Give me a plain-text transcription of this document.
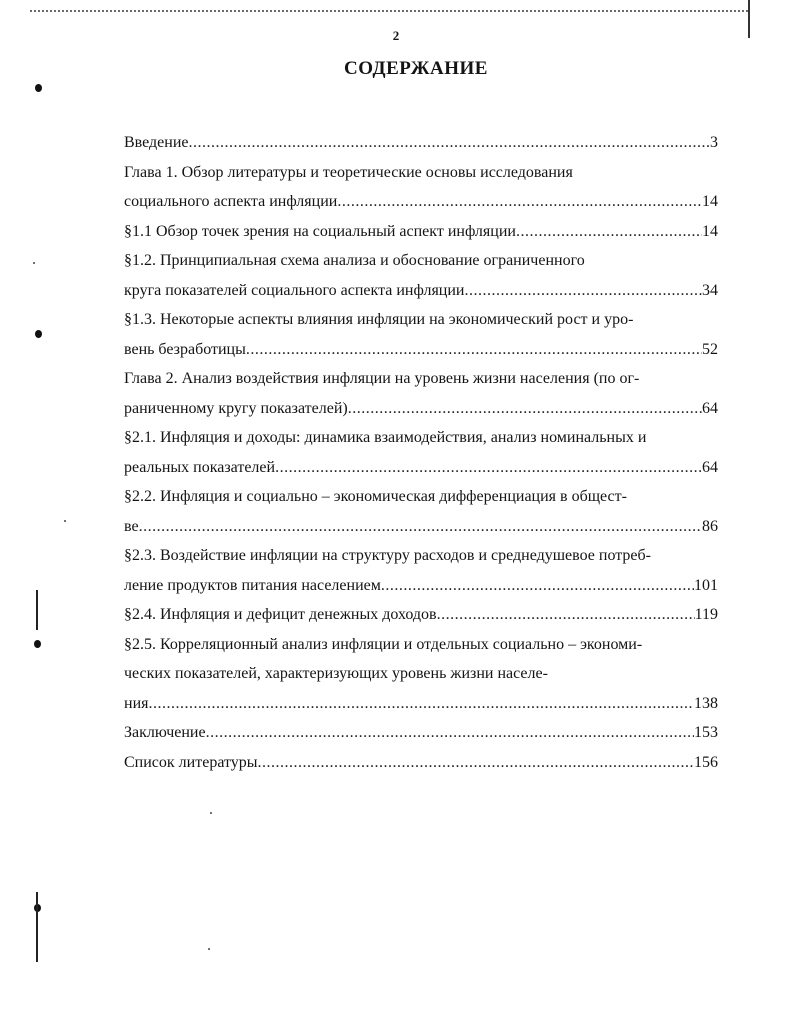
2
СОДЕРЖАНИЕ
Введение .....	3
Глава 1. Обзор литературы и теоретические основы исследования
социального аспекта инфляции .....	14
§1.1 Обзор точек зрения на социальный аспект инфляции .....	14
§1.2. Принципиальная схема анализа и обоснование ограниченного
круга показателей социального аспекта инфляции .....	34
§1.3. Некоторые аспекты влияния инфляции на экономический рост и уро-
вень безработицы .....	52
Глава 2. Анализ воздействия инфляции на уровень жизни населения (по ог-
раниченному кругу показателей) .....	64
§2.1. Инфляция и доходы: динамика взаимодействия, анализ номинальных и
реальных показателей .....	64
§2.2. Инфляция и социально – экономическая дифференциация в общест-
ве .....	86
§2.3. Воздействие инфляции на структуру расходов и среднедушевое потреб-
ление продуктов питания населением .....	101
§2.4. Инфляция и дефицит денежных доходов .....	119
§2.5. Корреляционный анализ инфляции и отдельных социально – экономи-
ческих показателей, характеризующих уровень жизни населе-
ния .....	138
Заключение .....	153
Список литературы .....	156
